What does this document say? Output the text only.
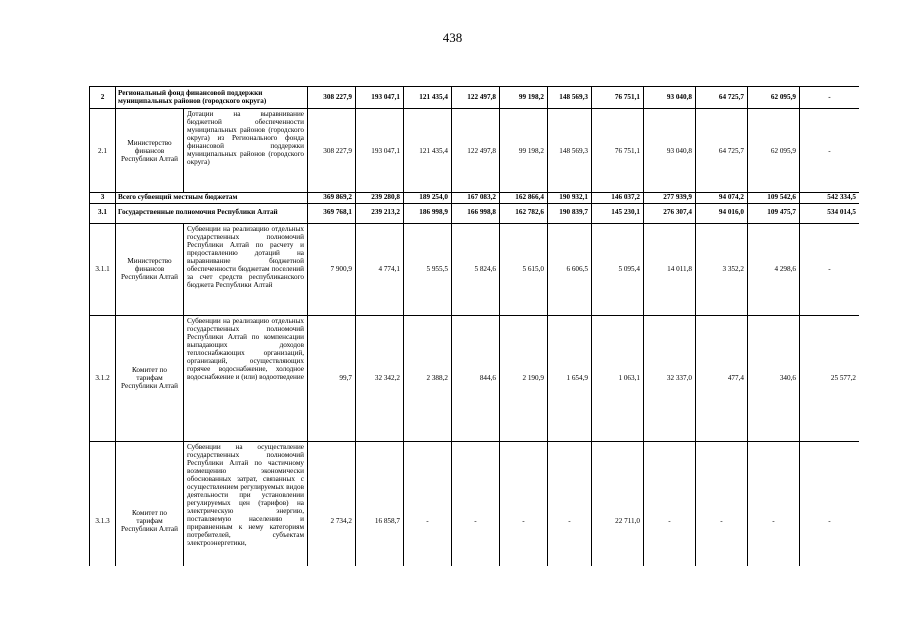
438
2	Региональный фонд финансовой поддержки муниципальных районов (городского округа)		308 227,9	193 047,1	121 435,4	122 497,8	99 198,2	148 569,3	76 751,1	93 040,8	64 725,7	62 095,9	-
2.1	Министерство финансов Республики Алтай	Дотации на выравнивание бюджетной обеспеченности муниципальных районов (городского округа) из Регионального фонда финансовой поддержки муниципальных районов (городского округа)	308 227,9	193 047,1	121 435,4	122 497,8	99 198,2	148 569,3	76 751,1	93 040,8	64 725,7	62 095,9	-
3	Всего субвенций местным бюджетам		369 869,2	239 280,8	189 254,0	167 083,2	162 866,4	190 932,1	146 037,2	277 939,9	94 074,2	109 542,6	542 334,5
3.1	Государственные полномочия Республики Алтай		369 768,1	239 213,2	186 998,9	166 998,8	162 782,6	190 839,7	145 230,1	276 307,4	94 016,0	109 475,7	534 014,5
3.1.1	Министерство финансов Республики Алтай	Субвенции на реализацию отдельных государственных полномочий Республики Алтай по расчету и предоставлению дотаций на выравнивание бюджетной обеспеченности бюджетам поселений за счет средств республиканского бюджета Республики Алтай	7 900,9	4 774,1	5 955,5	5 824,6	5 615,0	6 606,5	5 095,4	14 011,8	3 352,2	4 298,6	-
3.1.2	Комитет по тарифам Республики Алтай	Субвенции на реализацию отдельных государственных полномочий Республики Алтай по компенсации выпадающих доходов теплоснабжающих организаций, организаций, осуществляющих горячее водоснабжение, холодное водоснабжение и (или) водоотведение	99,7	32 342,2	2 388,2	844,6	2 190,9	1 654,9	1 063,1	32 337,0	477,4	340,6	25 577,2
3.1.3	Комитет по тарифам Республики Алтай	Субвенции на осуществление государственных полномочий Республики Алтай по частичному возмещению экономически обоснованных затрат, связанных с осуществлением регулируемых видов деятельности при установлении регулируемых цен (тарифов) на электрическую энергию, поставляемую населению и приравненным к нему категориям потребителей, субъектам электроэнергетики,	2 734,2	16 858,7	-	-	-	-	22 711,0	-	-	-	-
